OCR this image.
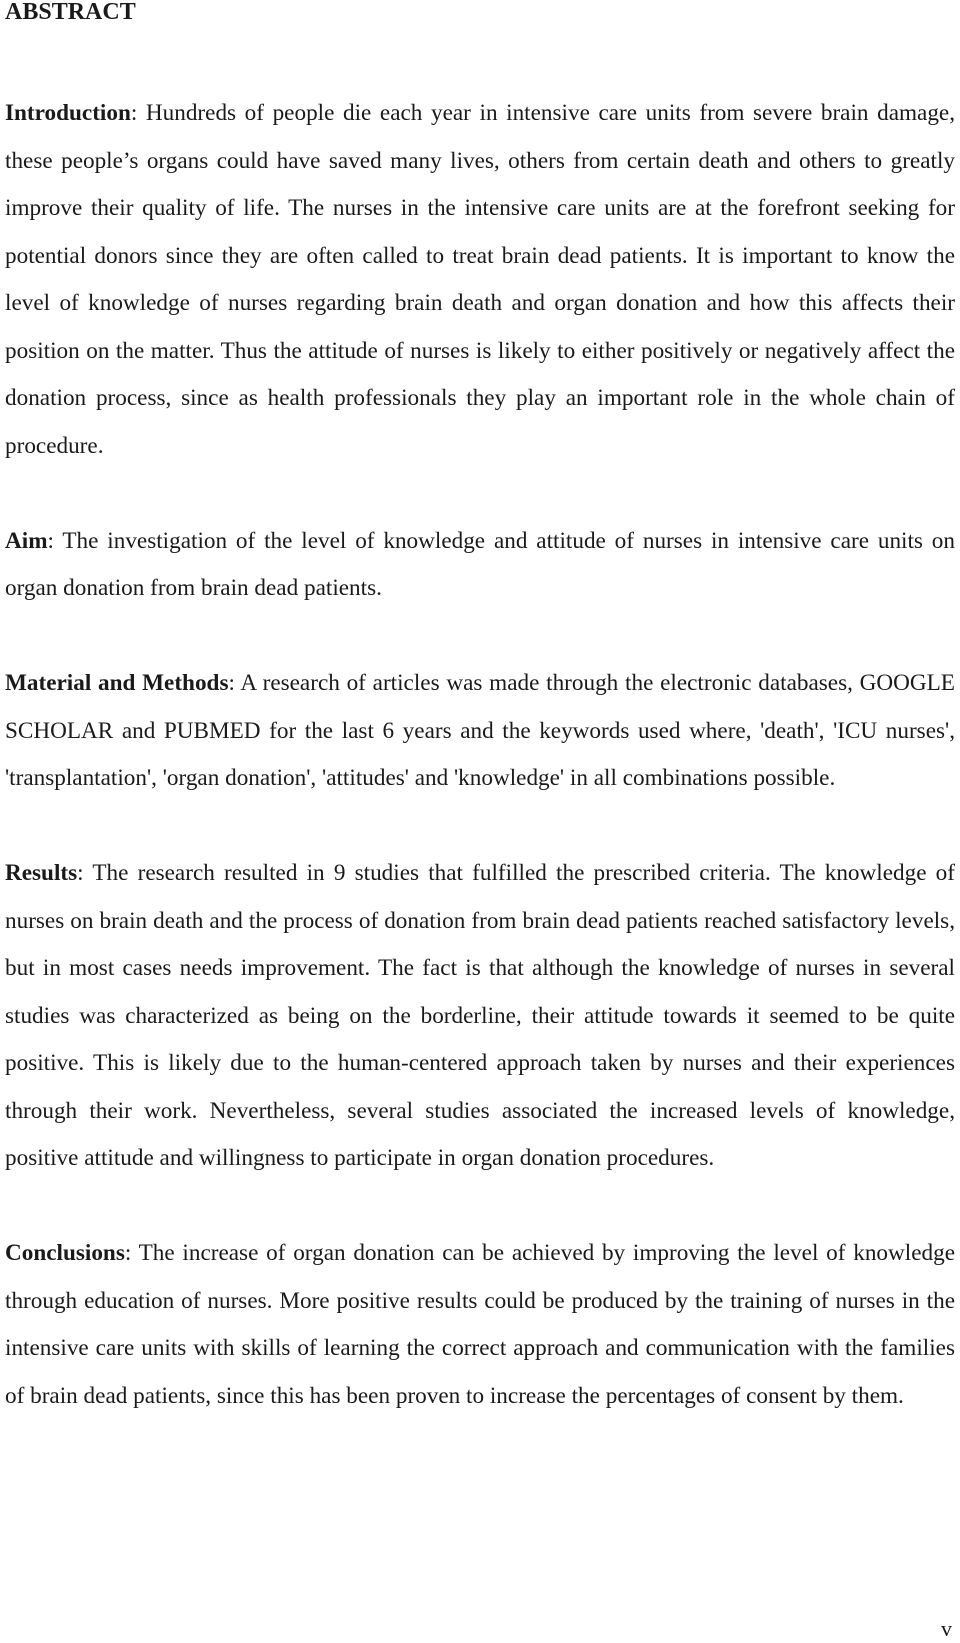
ABSTRACT

Introduction: Hundreds of people die each year in intensive care units from severe brain damage, these people’s organs could have saved many lives, others from certain death and others to greatly improve their quality of life. The nurses in the intensive care units are at the forefront seeking for potential donors since they are often called to treat brain dead patients. It is important to know the level of knowledge of nurses regarding brain death and organ donation and how this affects their position on the matter. Thus the attitude of nurses is likely to either positively or negatively affect the donation process, since as health professionals they play an important role in the whole chain of procedure.

Aim: The investigation of the level of knowledge and attitude of nurses in intensive care units on organ donation from brain dead patients.

Material and Methods: A research of articles was made through the electronic databases, GOOGLE SCHOLAR and PUBMED for the last 6 years and the keywords used where, 'death', 'ICU nurses', 'transplantation', 'organ donation', 'attitudes' and 'knowledge' in all combinations possible.

Results: The research resulted in 9 studies that fulfilled the prescribed criteria. The knowledge of nurses on brain death and the process of donation from brain dead patients reached satisfactory levels, but in most cases needs improvement. The fact is that although the knowledge of nurses in several studies was characterized as being on the borderline, their attitude towards it seemed to be quite positive. This is likely due to the human-centered approach taken by nurses and their experiences through their work. Nevertheless, several studies associated the increased levels of knowledge, positive attitude and willingness to participate in organ donation procedures.

Conclusions: The increase of organ donation can be achieved by improving the level of knowledge through education of nurses. More positive results could be produced by the training of nurses in the intensive care units with skills of learning the correct approach and communication with the families of brain dead patients, since this has been proven to increase the percentages of consent by them.

v
